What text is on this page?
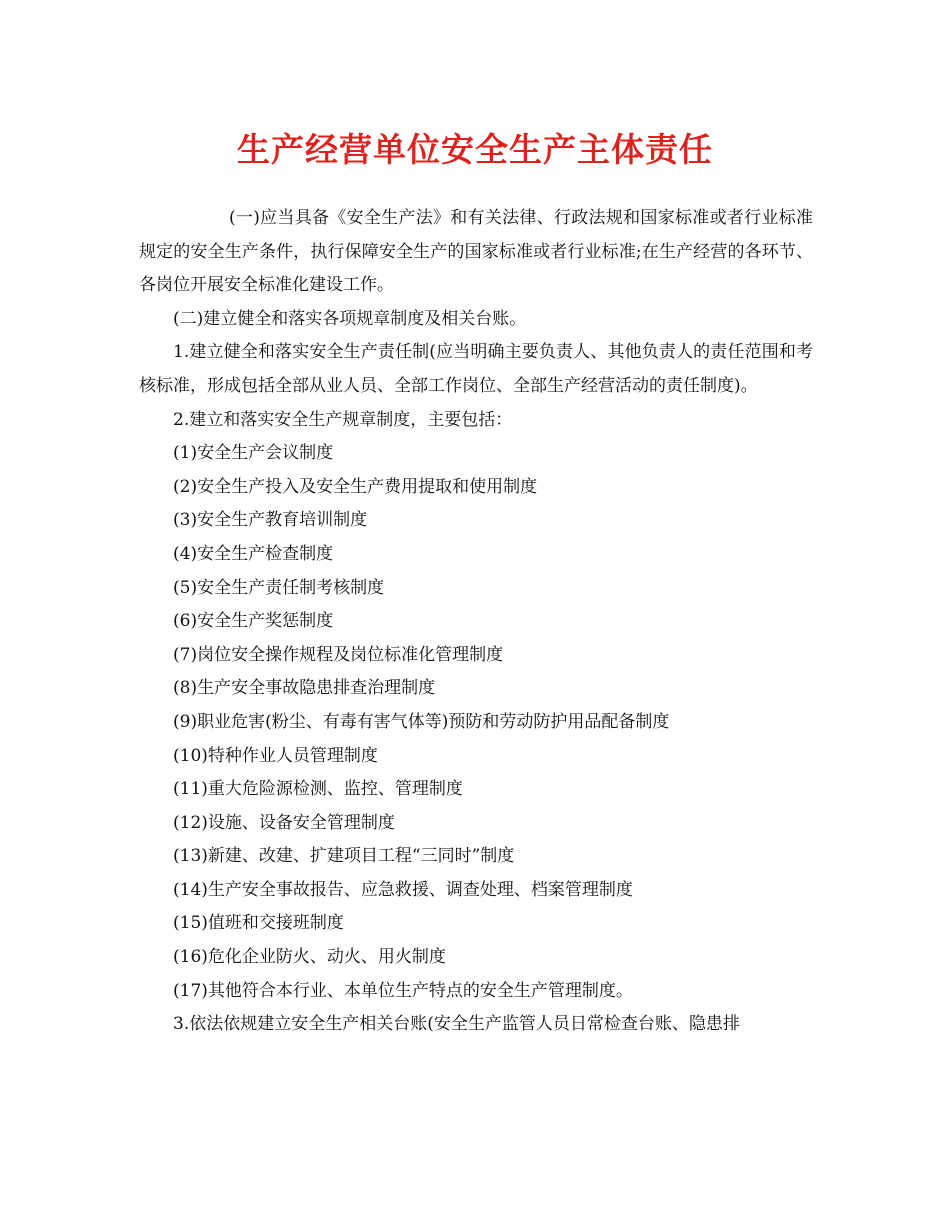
生产经营单位安全生产主体责任

(一)应当具备《安全生产法》和有关法律、行政法规和国家标准或者行业标准规定的安全生产条件，执行保障安全生产的国家标准或者行业标准;在生产经营的各环节、各岗位开展安全标准化建设工作。

(二)建立健全和落实各项规章制度及相关台账。

1.建立健全和落实安全生产责任制(应当明确主要负责人、其他负责人的责任范围和考核标准，形成包括全部从业人员、全部工作岗位、全部生产经营活动的责任制度)。

2.建立和落实安全生产规章制度，主要包括：

(1)安全生产会议制度
(2)安全生产投入及安全生产费用提取和使用制度
(3)安全生产教育培训制度
(4)安全生产检查制度
(5)安全生产责任制考核制度
(6)安全生产奖惩制度
(7)岗位安全操作规程及岗位标准化管理制度
(8)生产安全事故隐患排查治理制度
(9)职业危害(粉尘、有毒有害气体等)预防和劳动防护用品配备制度
(10)特种作业人员管理制度
(11)重大危险源检测、监控、管理制度
(12)设施、设备安全管理制度
(13)新建、改建、扩建项目工程“三同时”制度
(14)生产安全事故报告、应急救援、调查处理、档案管理制度
(15)值班和交接班制度
(16)危化企业防火、动火、用火制度
(17)其他符合本行业、本单位生产特点的安全生产管理制度。

3.依法依规建立安全生产相关台账(安全生产监管人员日常检查台账、隐患排
